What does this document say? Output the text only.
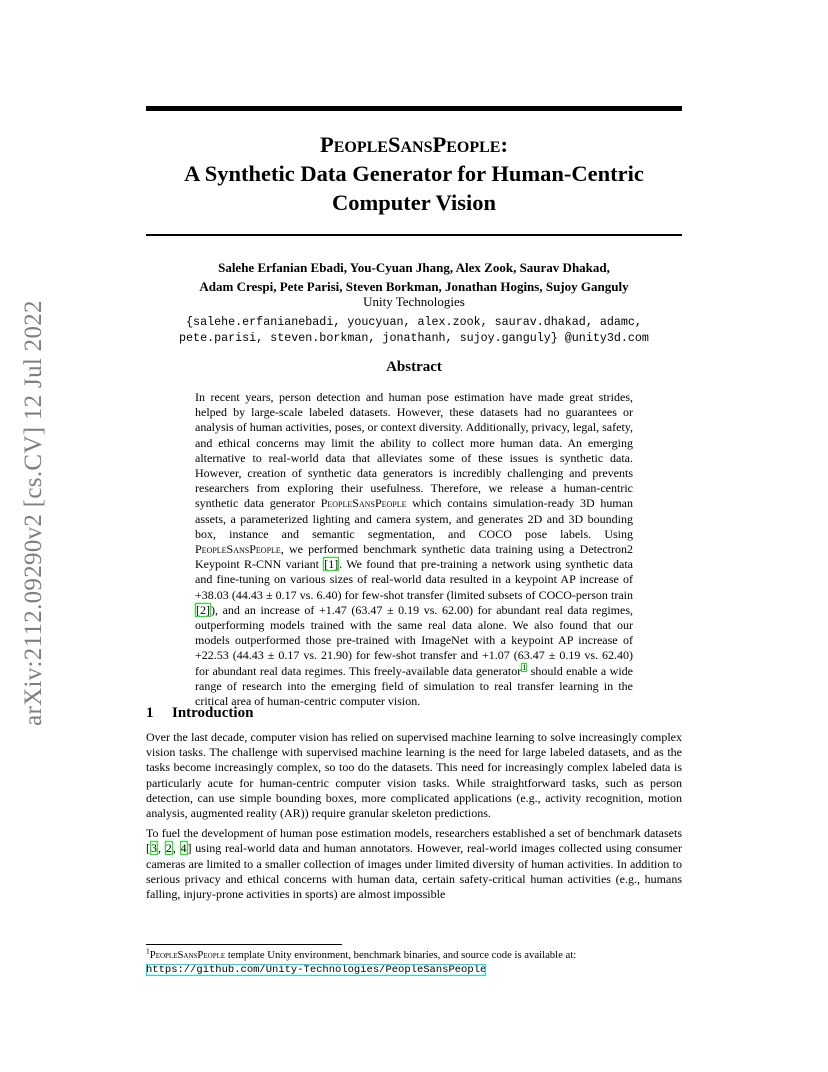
arXiv:2112.09290v2 [cs.CV] 12 Jul 2022
PeopleSansPeople:
A Synthetic Data Generator for Human-Centric
Computer Vision
Salehe Erfanian Ebadi, You-Cyuan Jhang, Alex Zook, Saurav Dhakad,
Adam Crespi, Pete Parisi, Steven Borkman, Jonathan Hogins, Sujoy Ganguly
Unity Technologies
{salehe.erfanianebadi, youcyuan, alex.zook, saurav.dhakad, adamc,
pete.parisi, steven.borkman, jonathanh, sujoy.ganguly} @unity3d.com
Abstract

In recent years, person detection and human pose estimation have made great strides, helped by large-scale labeled datasets. However, these datasets had no guarantees or analysis of human activities, poses, or context diversity. Additionally, privacy, legal, safety, and ethical concerns may limit the ability to collect more human data. An emerging alternative to real-world data that alleviates some of these issues is synthetic data. However, creation of synthetic data generators is incredibly challenging and prevents researchers from exploring their usefulness. Therefore, we release a human-centric synthetic data generator PeopleSansPeople which contains simulation-ready 3D human assets, a parameterized lighting and camera system, and generates 2D and 3D bounding box, instance and semantic segmentation, and COCO pose labels. Using PeopleSansPeople, we performed benchmark synthetic data training using a Detectron2 Keypoint R-CNN variant [1]. We found that pre-training a network using synthetic data and fine-tuning on various sizes of real-world data resulted in a keypoint AP increase of +38.03 (44.43 ± 0.17 vs. 6.40) for few-shot transfer (limited subsets of COCO-person train [2]), and an increase of +1.47 (63.47 ± 0.19 vs. 62.00) for abundant real data regimes, outperforming models trained with the same real data alone. We also found that our models outperformed those pre-trained with ImageNet with a keypoint AP increase of +22.53 (44.43 ± 0.17 vs. 21.90) for few-shot transfer and +1.07 (63.47 ± 0.19 vs. 62.40) for abundant real data regimes. This freely-available data generator$^1$ should enable a wide range of research into the emerging field of simulation to real transfer learning in the critical area of human-centric computer vision.

1 Introduction

Over the last decade, computer vision has relied on supervised machine learning to solve increasingly complex vision tasks. The challenge with supervised machine learning is the need for large labeled datasets, and as the tasks become increasingly complex, so too do the datasets. This need for increasingly complex labeled data is particularly acute for human-centric computer vision tasks. While straightforward tasks, such as person detection, can use simple bounding boxes, more complicated applications (e.g., activity recognition, motion analysis, augmented reality (AR)) require granular skeleton predictions.

To fuel the development of human pose estimation models, researchers established a set of benchmark datasets [3, 2, 4] using real-world data and human annotators. However, real-world images collected using consumer cameras are limited to a smaller collection of images under limited diversity of human activities. In addition to serious privacy and ethical concerns with human data, certain safety-critical human activities (e.g., humans falling, injury-prone activities in sports) are almost impossible

$^1$PeopleSansPeople template Unity environment, benchmark binaries, and source code is available at:
https://github.com/Unity-Technologies/PeopleSansPeople
